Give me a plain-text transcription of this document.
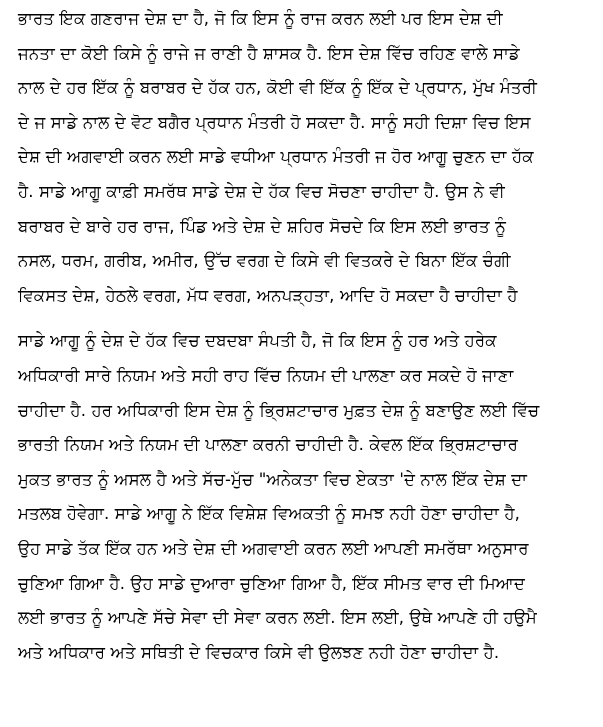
ਭਾਰਤ ਇਕ ਗਣਰਾਜ ਦੇਸ਼ ਦਾ ਹੈ, ਜੋ ਕਿ ਇਸ ਨੂੰ ਰਾਜ ਕਰਨ ਲਈ ਪਰ ਇਸ ਦੇਸ਼ ਦੀ
ਜਨਤਾ ਦਾ ਕੋਈ ਕਿਸੇ ਨੂੰ ਰਾਜੇ ਜ ਰਾਣੀ ਹੈ ਸ਼ਾਸਕ ਹੈ. ਇਸ ਦੇਸ਼ ਵਿੱਚ ਰਹਿਣ ਵਾਲੇ ਸਾਡੇ
ਨਾਲ ਦੇ ਹਰ ਇੱਕ ਨੂੰ ਬਰਾਬਰ ਦੇ ਹੱਕ ਹਨ, ਕੋਈ ਵੀ ਇੱਕ ਨੂੰ ਇੱਕ ਦੇ ਪ੍ਰਧਾਨ, ਮੁੱਖ ਮੰਤਰੀ
ਦੇ ਜ ਸਾਡੇ ਨਾਲ ਦੇ ਵੋਟ ਬਗੈਰ ਪ੍ਰਧਾਨ ਮੰਤਰੀ ਹੋ ਸਕਦਾ ਹੈ. ਸਾਨੂੰ ਸਹੀ ਦਿਸ਼ਾ ਵਿਚ ਇਸ
ਦੇਸ਼ ਦੀ ਅਗਵਾਈ ਕਰਨ ਲਈ ਸਾਡੇ ਵਧੀਆ ਪ੍ਰਧਾਨ ਮੰਤਰੀ ਜ ਹੋਰ ਆਗੂ ਚੁਣਨ ਦਾ ਹੱਕ
ਹੈ. ਸਾਡੇ ਆਗੂ ਕਾਫ਼ੀ ਸਮਰੱਥ ਸਾਡੇ ਦੇਸ਼ ਦੇ ਹੱਕ ਵਿਚ ਸੋਚਣਾ ਚਾਹੀਦਾ ਹੈ. ਉਸ ਨੇ ਵੀ
ਬਰਾਬਰ ਦੇ ਬਾਰੇ ਹਰ ਰਾਜ, ਪਿੰਡ ਅਤੇ ਦੇਸ਼ ਦੇ ਸ਼ਹਿਰ ਸੋਚਦੇ ਕਿ ਇਸ ਲਈ ਭਾਰਤ ਨੂੰ
ਨਸਲ, ਧਰਮ, ਗਰੀਬ, ਅਮੀਰ, ਉੱਚ ਵਰਗ ਦੇ ਕਿਸੇ ਵੀ ਵਿਤਕਰੇ ਦੇ ਬਿਨਾ ਇੱਕ ਚੰਗੀ
ਵਿਕਸਤ ਦੇਸ਼, ਹੇਠਲੇ ਵਰਗ, ਮੱਧ ਵਰਗ, ਅਨਪੜ੍ਹਤਾ, ਆਦਿ ਹੋ ਸਕਦਾ ਹੈ ਚਾਹੀਦਾ ਹੈ

ਸਾਡੇ ਆਗੂ ਨੂੰ ਦੇਸ਼ ਦੇ ਹੱਕ ਵਿਚ ਦਬਦਬਾ ਸੰਪਤੀ ਹੈ, ਜੋ ਕਿ ਇਸ ਨੂੰ ਹਰ ਅਤੇ ਹਰੇਕ
ਅਧਿਕਾਰੀ ਸਾਰੇ ਨਿਯਮ ਅਤੇ ਸਹੀ ਰਾਹ ਵਿੱਚ ਨਿਯਮ ਦੀ ਪਾਲਣਾ ਕਰ ਸਕਦੇ ਹੋ ਜਾਣਾ
ਚਾਹੀਦਾ ਹੈ. ਹਰ ਅਧਿਕਾਰੀ ਇਸ ਦੇਸ਼ ਨੂੰ ਭ੍ਰਿਸ਼ਟਾਚਾਰ ਮੁਫ਼ਤ ਦੇਸ਼ ਨੂੰ ਬਣਾਉਣ ਲਈ ਵਿੱਚ
ਭਾਰਤੀ ਨਿਯਮ ਅਤੇ ਨਿਯਮ ਦੀ ਪਾਲਣਾ ਕਰਨੀ ਚਾਹੀਦੀ ਹੈ. ਕੇਵਲ ਇੱਕ ਭ੍ਰਿਸ਼ਟਾਚਾਰ
ਮੁਕਤ ਭਾਰਤ ਨੂੰ ਅਸਲ ਹੈ ਅਤੇ ਸੱਚ-ਮੁੱਚ "ਅਨੇਕਤਾ ਵਿਚ ਏਕਤਾ 'ਦੇ ਨਾਲ ਇੱਕ ਦੇਸ਼ ਦਾ
ਮਤਲਬ ਹੋਵੇਗਾ. ਸਾਡੇ ਆਗੂ ਨੇ ਇੱਕ ਵਿਸ਼ੇਸ਼ ਵਿਅਕਤੀ ਨੂੰ ਸਮਝ ਨਹੀ ਹੋਣਾ ਚਾਹੀਦਾ ਹੈ,
ਉਹ ਸਾਡੇ ਤੱਕ ਇੱਕ ਹਨ ਅਤੇ ਦੇਸ਼ ਦੀ ਅਗਵਾਈ ਕਰਨ ਲਈ ਆਪਣੀ ਸਮਰੱਥਾ ਅਨੁਸਾਰ
ਚੁਣਿਆ ਗਿਆ ਹੈ. ਉਹ ਸਾਡੇ ਦੁਆਰਾ ਚੁਣਿਆ ਗਿਆ ਹੈ, ਇੱਕ ਸੀਮਤ ਵਾਰ ਦੀ ਮਿਆਦ
ਲਈ ਭਾਰਤ ਨੂੰ ਆਪਣੇ ਸੱਚੇ ਸੇਵਾ ਦੀ ਸੇਵਾ ਕਰਨ ਲਈ. ਇਸ ਲਈ, ਉਥੇ ਆਪਣੇ ਹੀ ਹਉਮੈ
ਅਤੇ ਅਧਿਕਾਰ ਅਤੇ ਸਥਿਤੀ ਦੇ ਵਿਚਕਾਰ ਕਿਸੇ ਵੀ ਉਲਝਣ ਨਹੀ ਹੋਣਾ ਚਾਹੀਦਾ ਹੈ.
